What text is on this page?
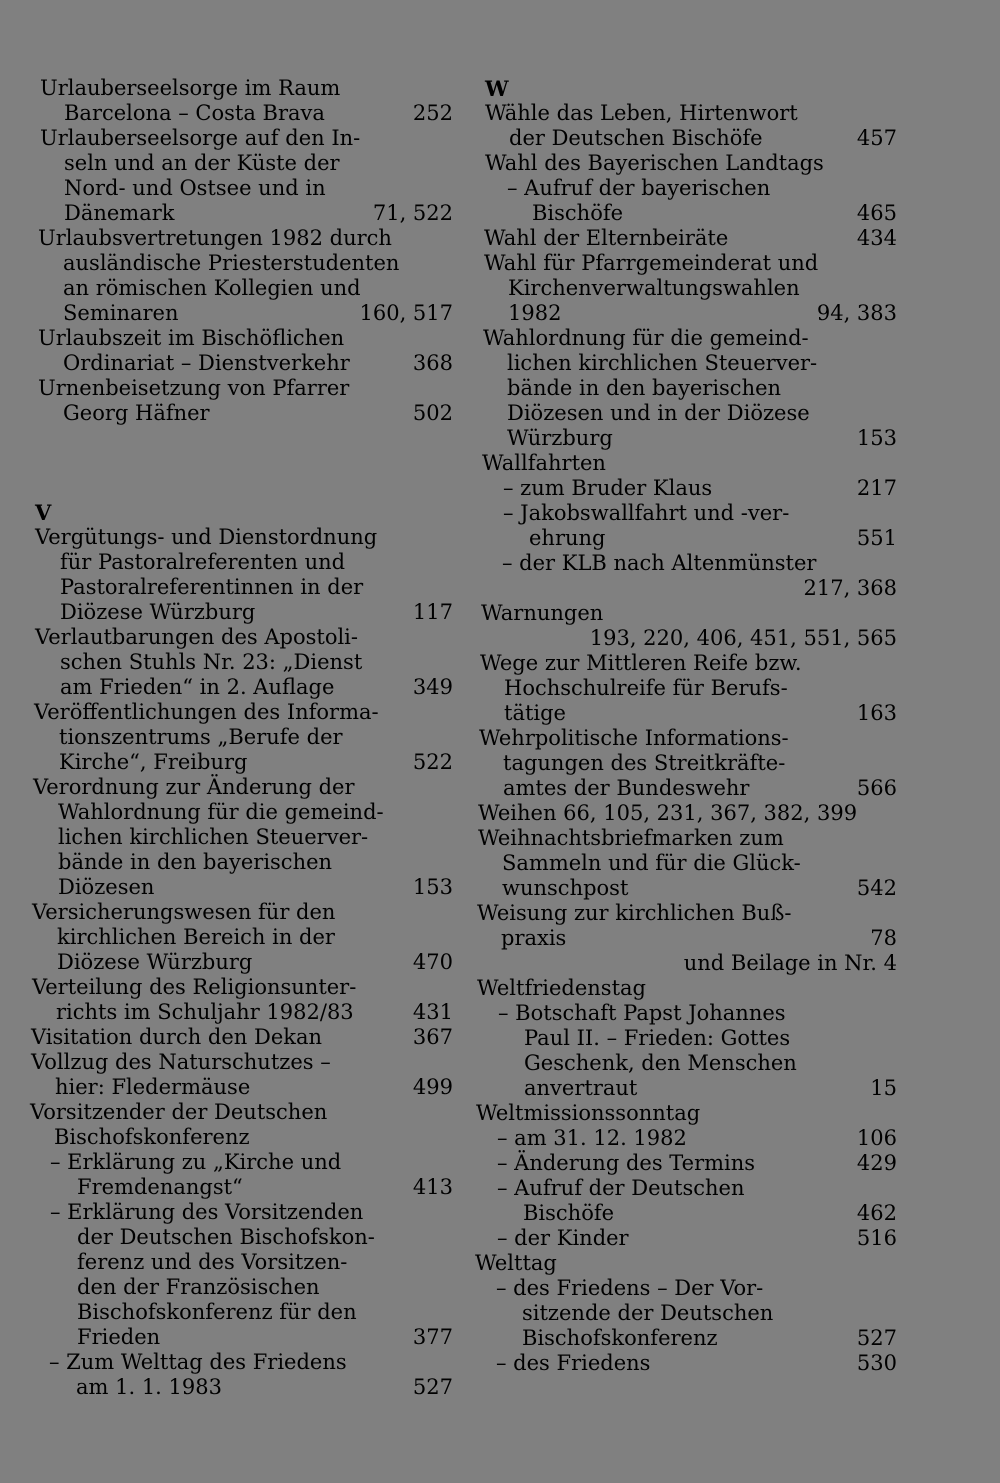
Urlauberseelsorge im Raum
Barcelona – Costa Brava	252
Urlauberseelsorge auf den In-
seln und an der Küste der
Nord- und Ostsee und in
Dänemark	71, 522
Urlaubsvertretungen 1982 durch
ausländische Priesterstudenten
an römischen Kollegien und
Seminaren	160, 517
Urlaubszeit im Bischöflichen
Ordinariat – Dienstverkehr	368
Urnenbeisetzung von Pfarrer
Georg Häfner	502
V
Vergütungs- und Dienstordnung
für Pastoralreferenten und
Pastoralreferentinnen in der
Diözese Würzburg	117
Verlautbarungen des Apostoli-
schen Stuhls Nr. 23: „Dienst
am Frieden“ in 2. Auflage	349
Veröffentlichungen des Informa-
tionszentrums „Berufe der
Kirche“, Freiburg	522
Verordnung zur Änderung der
Wahlordnung für die gemeind-
lichen kirchlichen Steuerver-
bände in den bayerischen
Diözesen	153
Versicherungswesen für den
kirchlichen Bereich in der
Diözese Würzburg	470
Verteilung des Religionsunter-
richts im Schuljahr 1982/83	431
Visitation durch den Dekan	367
Vollzug des Naturschutzes –
hier: Fledermäuse	499
Vorsitzender der Deutschen
Bischofskonferenz
– Erklärung zu „Kirche und
Fremdenangst“	413
– Erklärung des Vorsitzenden
der Deutschen Bischofskon-
ferenz und des Vorsitzen-
den der Französischen
Bischofskonferenz für den
Frieden	377
– Zum Welttag des Friedens
am 1. 1. 1983	527
W
Wähle das Leben, Hirtenwort
der Deutschen Bischöfe	457
Wahl des Bayerischen Landtags
– Aufruf der bayerischen
Bischöfe	465
Wahl der Elternbeiräte	434
Wahl für Pfarrgemeinderat und
Kirchenverwaltungswahlen
1982	94, 383
Wahlordnung für die gemeind-
lichen kirchlichen Steuerver-
bände in den bayerischen
Diözesen und in der Diözese
Würzburg	153
Wallfahrten
– zum Bruder Klaus	217
– Jakobswallfahrt und -ver-
ehrung	551
– der KLB nach Altenmünster
217, 368
Warnungen
193, 220, 406, 451, 551, 565
Wege zur Mittleren Reife bzw.
Hochschulreife für Berufs-
tätige	163
Wehrpolitische Informations-
tagungen des Streitkräfte-
amtes der Bundeswehr	566
Weihen 66, 105, 231, 367, 382, 399
Weihnachtsbriefmarken zum
Sammeln und für die Glück-
wunschpost	542
Weisung zur kirchlichen Buß-
praxis	78
und Beilage in Nr. 4
Weltfriedenstag
– Botschaft Papst Johannes
Paul II. – Frieden: Gottes
Geschenk, den Menschen
anvertraut	15
Weltmissionssonntag
– am 31. 12. 1982	106
– Änderung des Termins	429
– Aufruf der Deutschen
Bischöfe	462
– der Kinder	516
Welttag
– des Friedens – Der Vor-
sitzende der Deutschen
Bischofskonferenz	527
– des Friedens	530
